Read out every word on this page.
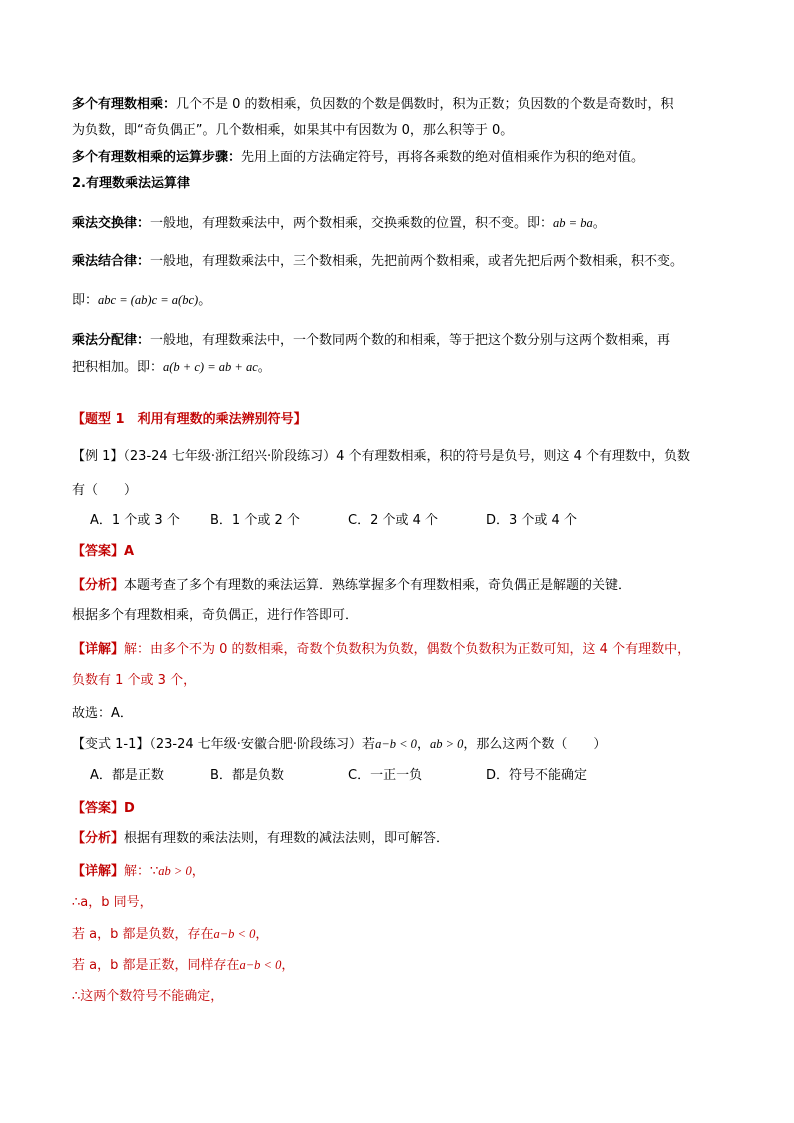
多个有理数相乘：几个不是 0 的数相乘，负因数的个数是偶数时，积为正数；负因数的个数是奇数时，积
为负数，即“奇负偶正”。几个数相乘，如果其中有因数为 0，那么积等于 0。
多个有理数相乘的运算步骤：先用上面的方法确定符号，再将各乘数的绝对值相乘作为积的绝对值。
2.有理数乘法运算律
乘法交换律：一般地，有理数乘法中，两个数相乘，交换乘数的位置，积不变。即：ab = ba。
乘法结合律：一般地，有理数乘法中，三个数相乘，先把前两个数相乘，或者先把后两个数相乘，积不变。
即：abc = (ab)c = a(bc)。
乘法分配律：一般地，有理数乘法中，一个数同两个数的和相乘，等于把这个数分别与这两个数相乘，再
把积相加。即：a(b + c) = ab + ac。
【题型 1　利用有理数的乘法辨别符号】
【例 1】（23-24 七年级·浙江绍兴·阶段练习）4 个有理数相乘，积的符号是负号，则这 4 个有理数中，负数
有（　　）
A．1 个或 3 个 B．1 个或 2 个	C．2 个或 4 个	D．3 个或 4 个
【答案】A
【分析】本题考查了多个有理数的乘法运算．熟练掌握多个有理数相乘，奇负偶正是解题的关键．
根据多个有理数相乘，奇负偶正，进行作答即可．
【详解】解：由多个不为 0 的数相乘，奇数个负数积为负数，偶数个负数积为正数可知，这 4 个有理数中，
负数有 1 个或 3 个，
故选：A．
【变式 1-1】（23-24 七年级·安徽合肥·阶段练习）若a−b < 0，ab > 0，那么这两个数（　　）
A．都是正数	B．都是负数	C．一正一负	D．符号不能确定
【答案】D
【分析】根据有理数的乘法法则，有理数的减法法则，即可解答．
【详解】解：∵ab > 0，
∴a，b 同号，
若 a，b 都是负数，存在a−b < 0，
若 a，b 都是正数，同样存在a−b < 0，
∴这两个数符号不能确定，
